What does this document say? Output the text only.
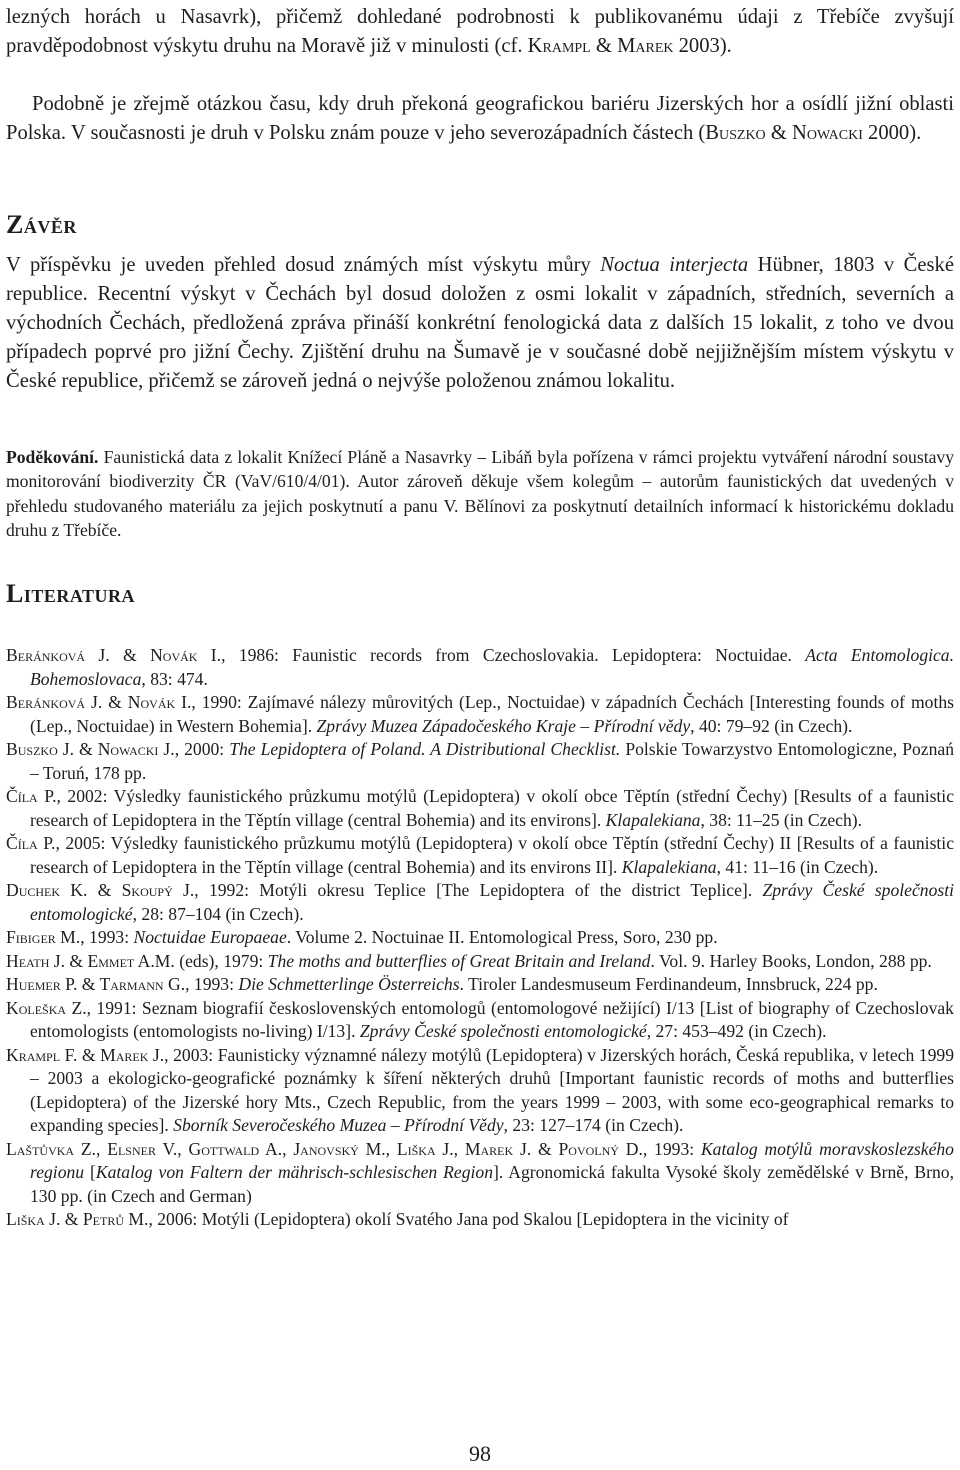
lezných horách u Nasavrk), přičemž dohledané podrobnosti k publikovanému údaji z Třebíče zvyšují pravděpodobnost výskytu druhu na Moravě již v minulosti (cf. Krampl & Marek 2003).

Podobně je zřejmě otázkou času, kdy druh překoná geografickou bariéru Jizerských hor a osídlí jižní oblasti Polska. V současnosti je druh v Polsku znám pouze v jeho severozápadních částech (Buszko & Nowacki 2000).

Závěr

V příspěvku je uveden přehled dosud známých míst výskytu můry Noctua interjecta Hübner, 1803 v České republice. Recentní výskyt v Čechách byl dosud doložen z osmi lokalit v západních, středních, severních a východních Čechách, předložená zpráva přináší konkrétní fenologická data z dalších 15 lokalit, z toho ve dvou případech poprvé pro jižní Čechy. Zjištění druhu na Šumavě je v současné době nejjižnějším místem výskytu v České republice, přičemž se zároveň jedná o nejvýše položenou známou lokalitu.

Poděkování. Faunistická data z lokalit Knížecí Pláně a Nasavrky – Libáň byla pořízena v rámci projektu vytváření národní soustavy monitorování biodiverzity ČR (VaV/610/4/01). Autor zároveň děkuje všem kolegům – autorům faunistických dat uvedených v přehledu studovaného materiálu za jejich poskytnutí a panu V. Bělínovi za poskytnutí detailních informací k historickému dokladu druhu z Třebíče.

Literatura
Beránková J. & Novák I., 1986: Faunistic records from Czechoslovakia. Lepidoptera: Noctuidae. Acta Entomologica. Bohemoslovaca, 83: 474.
Beránková J. & Novák I., 1990: Zajímavé nálezy můrovitých (Lep., Noctuidae) v západních Čechách [Interesting founds of moths (Lep., Noctuidae) in Western Bohemia]. Zprávy Muzea Západočeského Kraje – Přírodní vědy, 40: 79–92 (in Czech).
Buszko J. & Nowacki J., 2000: The Lepidoptera of Poland. A Distributional Checklist. Polskie Towarzystvo Entomologiczne, Poznań – Toruń, 178 pp.
Číla P., 2002: Výsledky faunistického průzkumu motýlů (Lepidoptera) v okolí obce Těptín (střední Čechy) [Results of a faunistic research of Lepidoptera in the Těptín village (central Bohemia) and its environs]. Klapalekiana, 38: 11–25 (in Czech).
Číla P., 2005: Výsledky faunistického průzkumu motýlů (Lepidoptera) v okolí obce Těptín (střední Čechy) II [Results of a faunistic research of Lepidoptera in the Těptín village (central Bohemia) and its environs II]. Klapalekiana, 41: 11–16 (in Czech).
Duchek K. & Skoupý J., 1992: Motýli okresu Teplice [The Lepidoptera of the district Teplice]. Zprávy České společnosti entomologické, 28: 87–104 (in Czech).
Fibiger M., 1993: Noctuidae Europaeae. Volume 2. Noctuinae II. Entomological Press, Soro, 230 pp.
Heath J. & Emmet A.M. (eds), 1979: The moths and butterflies of Great Britain and Ireland. Vol. 9. Harley Books, London, 288 pp.
Huemer P. & Tarmann G., 1993: Die Schmetterlinge Österreichs. Tiroler Landesmuseum Ferdinandeum, Innsbruck, 224 pp.
Koleška Z., 1991: Seznam biografií československých entomologů (entomologové nežijící) I/13 [List of biography of Czechoslovak entomologists (entomologists no-living) I/13]. Zprávy České společnosti entomologické, 27: 453–492 (in Czech).
Krampl F. & Marek J., 2003: Faunisticky významné nálezy motýlů (Lepidoptera) v Jizerských horách, Česká republika, v letech 1999 – 2003 a ekologicko-geografické poznámky k šíření některých druhů [Important faunistic records of moths and butterflies (Lepidoptera) of the Jizerské hory Mts., Czech Republic, from the years 1999 – 2003, with some eco-geographical remarks to expanding species]. Sborník Severočeského Muzea – Přírodní Vědy, 23: 127–174 (in Czech).
Laštůvka Z., Elsner V., Gottwald A., Janovský M., Liška J., Marek J. & Povolný D., 1993: Katalog motýlů moravskoslezského regionu [Katalog von Faltern der mährisch-schlesischen Region]. Agronomická fakulta Vysoké školy zemědělské v Brně, Brno, 130 pp. (in Czech and German)
Liška J. & Petrů M., 2006: Motýli (Lepidoptera) okolí Svatého Jana pod Skalou [Lepidoptera in the vicinity of
98
